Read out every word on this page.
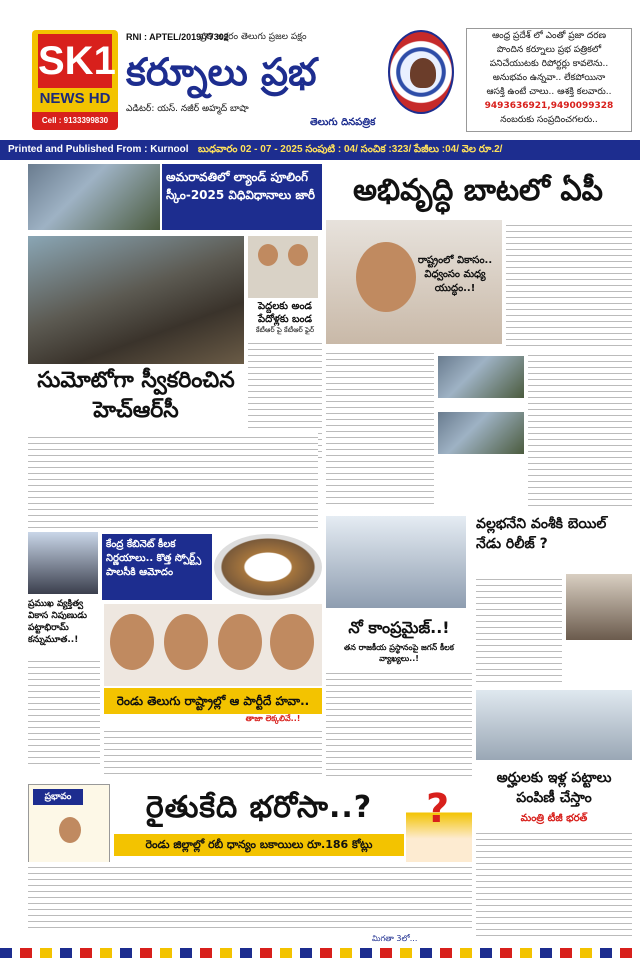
SK1
NEWS HD
Cell : 9133399830
RNI : APTEL/2019/77302
ప్రతి అక్షరం తెలుగు ప్రజల పక్షం
కర్నూలు ప్రభ
ఎడిటర్: యస్. నజీర్ అహ్మద్ బాషా
తెలుగు దినపత్రిక
ఆంధ్ర ప్రదేశ్ లో ఎంతో ప్రజా దరణ
పొందిన కర్నూలు ప్రభ పత్రికలో
పనిచేయుటకు రిపోర్టర్లు కావలెను..
అనుభవం ఉన్నవా.. లేకపోయినా
ఆసక్తి ఉంటే చాలు.. ఆశక్తి కలవారు..
9493636921,9490099328
నంబరుకు సంప్రదించగలరు..
Printed and Published From : Kurnool బుధవారం 02 - 07 - 2025 సంపుటి : 04/ సంచిక :323/ పేజీలు :04/ వెల రూ.2/
అమరావతిలో ల్యాండ్ పూలింగ్ స్కీం-2025 విధివిధానాలు జారీ	అభివృద్ధి బాటలో ఏపీ
పెద్దలకు అండ పేదోళ్లకు బండ
కేటీఆర్ పై కేటీఆర్ ఫైర్
రాష్ట్రంలో వికాసం.. విధ్వంసం మధ్య యుద్ధం..!
సుమోటోగా స్వీకరించిన హెచ్ఆర్‌సీ
కేంద్ర కేబినెట్ కీలక నిర్ణయాలు.. కొత్త స్పోర్ట్స్ పాలసీకి ఆమోదం
ప్రముఖ వ్యక్తిత్వ వికాస నిపుణుడు పట్టాభిరామ్ కన్నుమూత..!
రెండు తెలుగు రాష్ట్రాల్లో ఆ పార్టీదే హవా..
తాజా లెక్కలివే..!
నో కాంప్రమైజ్..!
తన రాజకీయ ప్రస్థానంపై జగన్ కీలక వ్యాఖ్యలు..!
వల్లభనేని వంశీకి బెయిల్ నేడు రిలీజ్ ?
అర్హులకు ఇళ్ల పట్టాలు పంపిణీ చేస్తాం
మంత్రి టీజీ భరత్
ప్రభావం	రైతుకేది భరోసా..?	?
రెండు జిల్లాల్లో రబీ ధాన్యం బకాయిలు రూ.186 కోట్లు
మిగతా 3లో...
